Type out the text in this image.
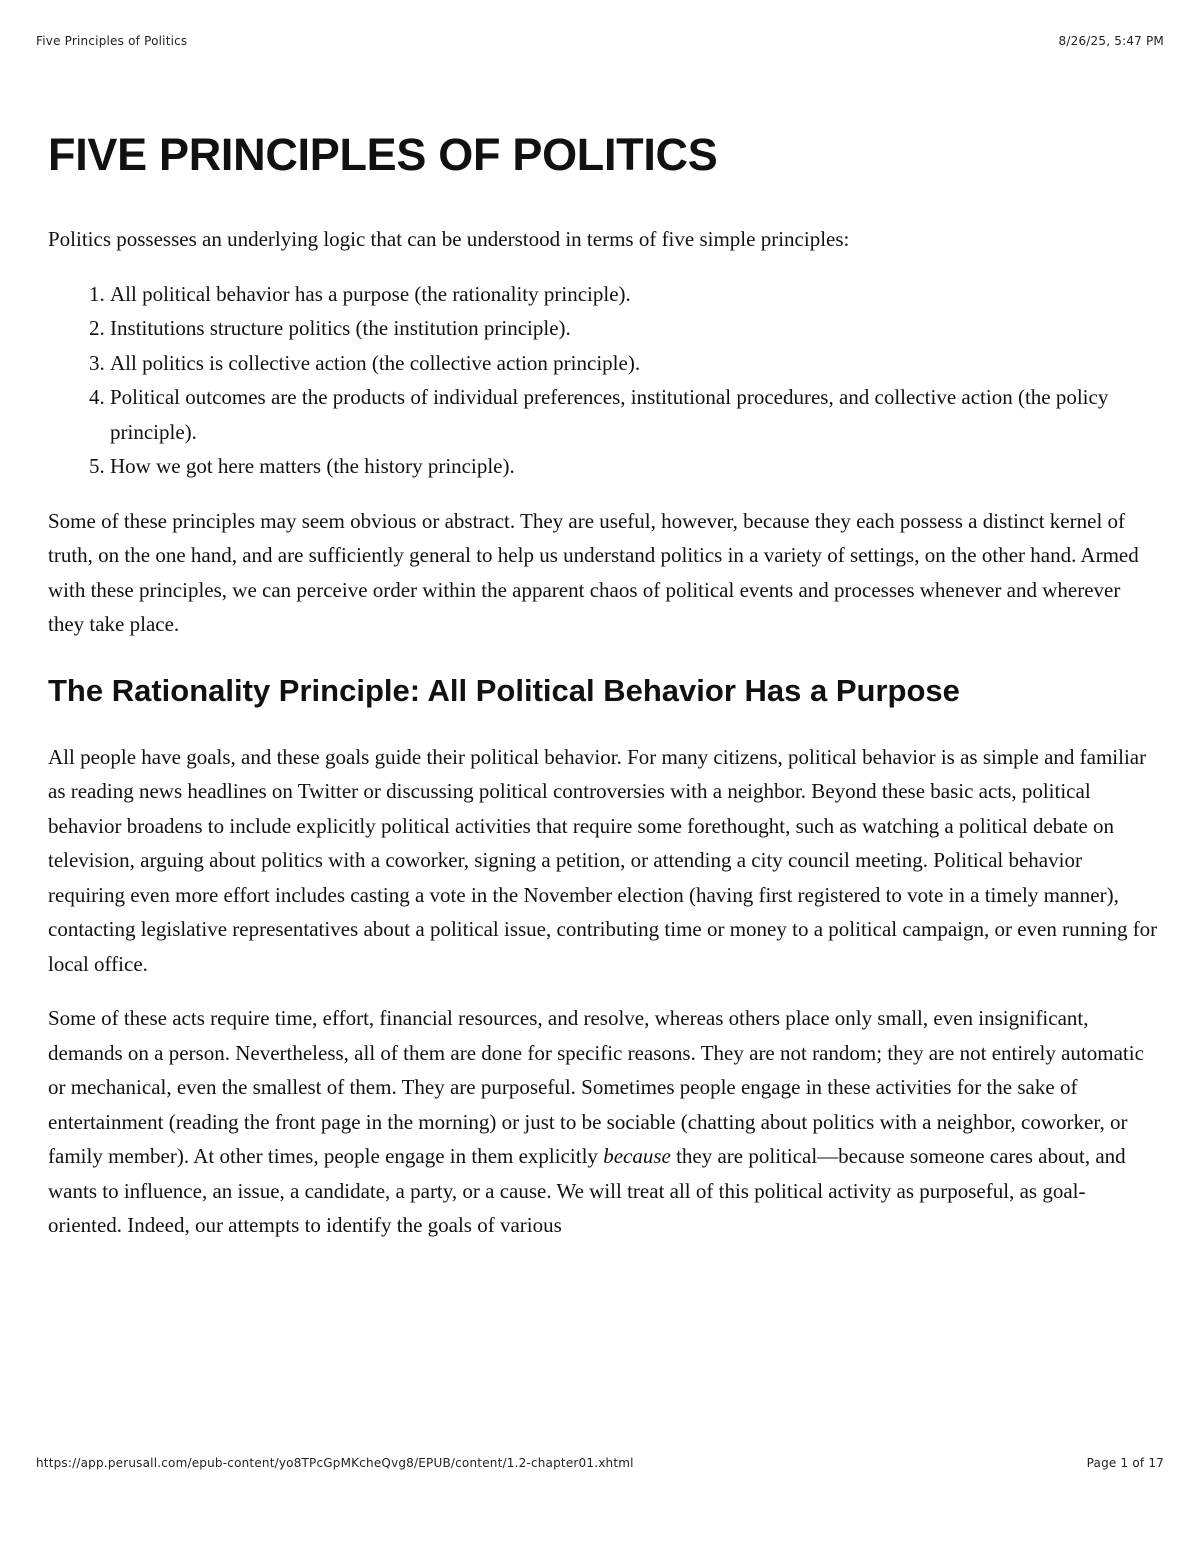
Five Principles of Politics	8/26/25, 5:47 PM
FIVE PRINCIPLES OF POLITICS

Politics possesses an underlying logic that can be understood in terms of five simple principles:

1. All political behavior has a purpose (the rationality principle).
2. Institutions structure politics (the institution principle).
3. All politics is collective action (the collective action principle).
4. Political outcomes are the products of individual preferences, institutional procedures, and collective action (the policy principle).
5. How we got here matters (the history principle).

Some of these principles may seem obvious or abstract. They are useful, however, because they each possess a distinct kernel of truth, on the one hand, and are sufficiently general to help us understand politics in a variety of settings, on the other hand. Armed with these principles, we can perceive order within the apparent chaos of political events and processes whenever and wherever they take place.

The Rationality Principle: All Political Behavior Has a Purpose

All people have goals, and these goals guide their political behavior. For many citizens, political behavior is as simple and familiar as reading news headlines on Twitter or discussing political controversies with a neighbor. Beyond these basic acts, political behavior broadens to include explicitly political activities that require some forethought, such as watching a political debate on television, arguing about politics with a coworker, signing a petition, or attending a city council meeting. Political behavior requiring even more effort includes casting a vote in the November election (having first registered to vote in a timely manner), contacting legislative representatives about a political issue, contributing time or money to a political campaign, or even running for local office.

Some of these acts require time, effort, financial resources, and resolve, whereas others place only small, even insignificant, demands on a person. Nevertheless, all of them are done for specific reasons. They are not random; they are not entirely automatic or mechanical, even the smallest of them. They are purposeful. Sometimes people engage in these activities for the sake of entertainment (reading the front page in the morning) or just to be sociable (chatting about politics with a neighbor, coworker, or family member). At other times, people engage in them explicitly because they are political—because someone cares about, and wants to influence, an issue, a candidate, a party, or a cause. We will treat all of this political activity as purposeful, as goal-oriented. Indeed, our attempts to identify the goals of various

https://app.perusall.com/epub-content/yo8TPcGpMKcheQvg8/EPUB/content/1.2-chapter01.xhtml	Page 1 of 17
